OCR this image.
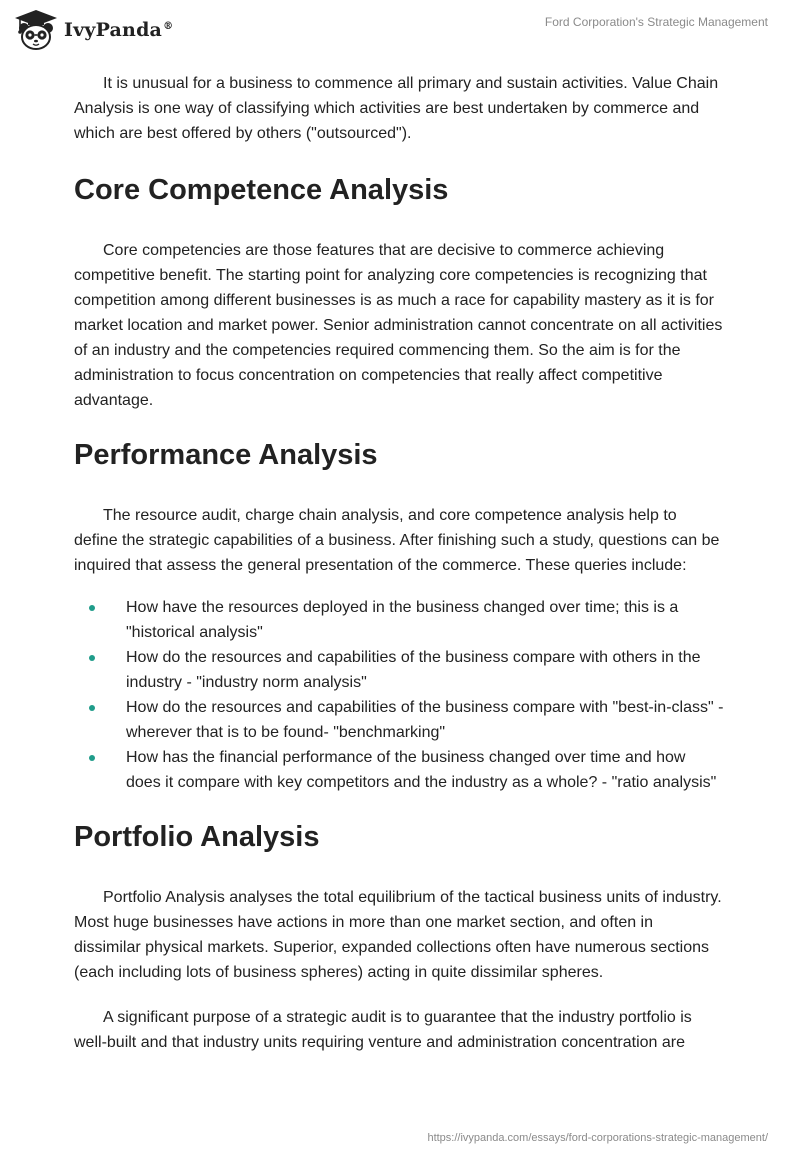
IvyPanda®	Ford Corporation's Strategic Management

It is unusual for a business to commence all primary and sustain activities. Value Chain Analysis is one way of classifying which activities are best undertaken by commerce and which are best offered by others ("outsourced").

Core Competence Analysis

Core competencies are those features that are decisive to commerce achieving competitive benefit. The starting point for analyzing core competencies is recognizing that competition among different businesses is as much a race for capability mastery as it is for market location and market power. Senior administration cannot concentrate on all activities of an industry and the competencies required commencing them. So the aim is for the administration to focus concentration on competencies that really affect competitive advantage.

Performance Analysis

The resource audit, charge chain analysis, and core competence analysis help to define the strategic capabilities of a business. After finishing such a study, questions can be inquired that assess the general presentation of the commerce. These queries include:

How have the resources deployed in the business changed over time; this is a "historical analysis"
How do the resources and capabilities of the business compare with others in the industry - "industry norm analysis"
How do the resources and capabilities of the business compare with "best-in-class" - wherever that is to be found- "benchmarking"
How has the financial performance of the business changed over time and how does it compare with key competitors and the industry as a whole? - "ratio analysis"
Portfolio Analysis

Portfolio Analysis analyses the total equilibrium of the tactical business units of industry. Most huge businesses have actions in more than one market section, and often in dissimilar physical markets. Superior, expanded collections often have numerous sections (each including lots of business spheres) acting in quite dissimilar spheres.

A significant purpose of a strategic audit is to guarantee that the industry portfolio is well-built and that industry units requiring venture and administration concentration are

https://ivypanda.com/essays/ford-corporations-strategic-management/
